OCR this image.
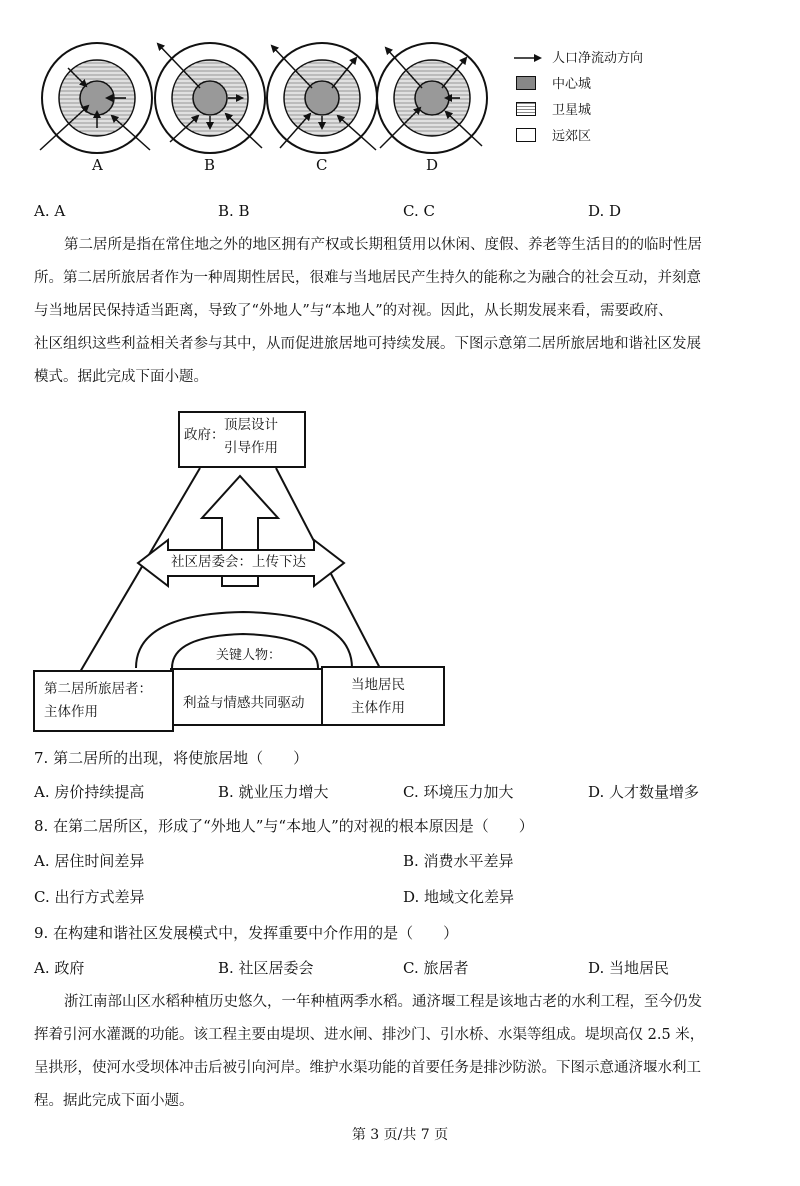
A	B	C	D
人口净流动方向
中心城
卫星城
远郊区
A. A	B. B	C. C	D. D
第二居所是指在常住地之外的地区拥有产权或长期租赁用以休闲、度假、养老等生活目的的临时性居
所。第二居所旅居者作为一种周期性居民，很难与当地居民产生持久的能称之为融合的社会互动，并刻意
与当地居民保持适当距离，导致了“外地人”与“本地人”的对视。因此，从长期发展来看，需要政府、
社区组织这些利益相关者参与其中，从而促进旅居地可持续发展。下图示意第二居所旅居地和谐社区发展
模式。据此完成下面小题。
政府：
顶层设计
引导作用
社区居委会：上传下达
关键人物：
利益与情感共同驱动
第二居所旅居者：
主体作用
当地居民
主体作用
7. 第二居所的出现，将使旅居地（　　）
A. 房价持续提高	B. 就业压力增大	C. 环境压力加大	D. 人才数量增多
8. 在第二居所区，形成了“外地人”与“本地人”的对视的根本原因是（　　）
A. 居住时间差异	B. 消费水平差异
C. 出行方式差异	D. 地域文化差异
9. 在构建和谐社区发展模式中，发挥重要中介作用的是（　　）
A. 政府	B. 社区居委会	C. 旅居者	D. 当地居民
浙江南部山区水稻种植历史悠久，一年种植两季水稻。通济堰工程是该地古老的水利工程，至今仍发
挥着引河水灌溉的功能。该工程主要由堤坝、进水闸、排沙门、引水桥、水渠等组成。堤坝高仅 2.5 米，
呈拱形，使河水受坝体冲击后被引向河岸。维护水渠功能的首要任务是排沙防淤。下图示意通济堰水利工
程。据此完成下面小题。
第 3 页/共 7 页
